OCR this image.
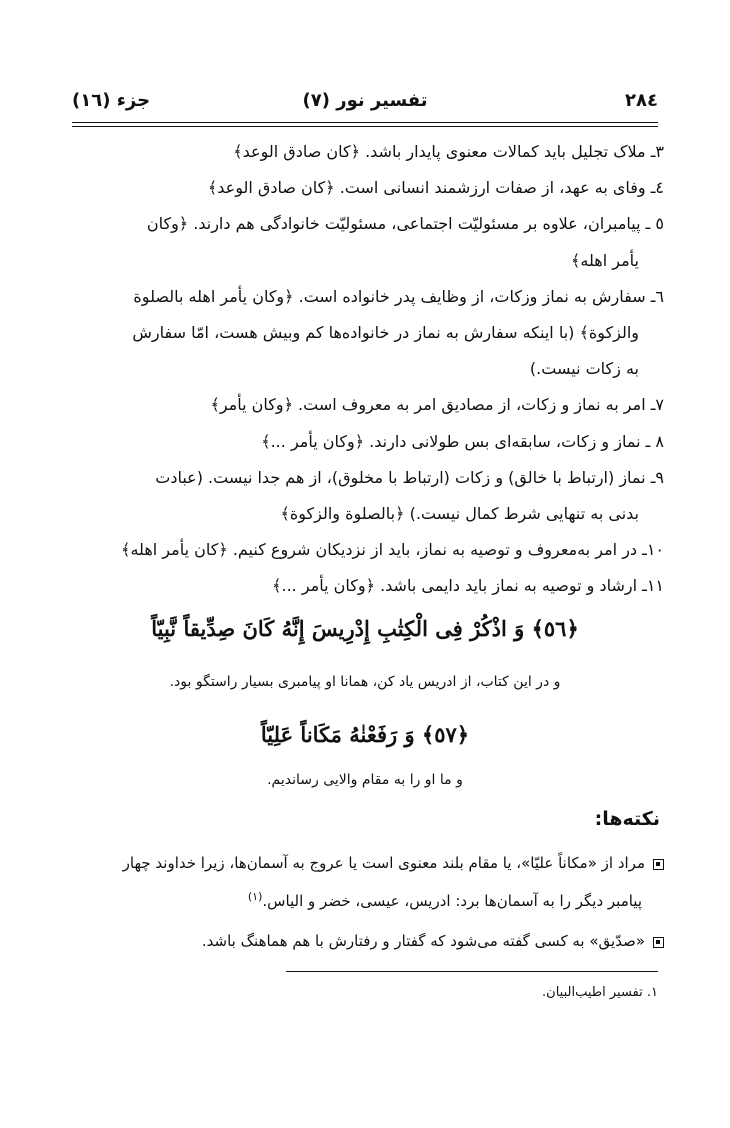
٢٨٤
تفسیر نور (۷)
جزء (١٦)

٣ـ ملاک تجلیل باید کمالات معنوی پایدار باشد. ﴿کان صادق الوعد﴾

٤ـ وفای به عهد، از صفات ارزشمند انسانی است. ﴿کان صادق الوعد﴾

٥ ـ پیامبران، علاوه بر مسئولیّت اجتماعی، مسئولیّت خانوادگی هم دارند. ﴿وکان

یأمر اهله﴾

٦ـ سفارش به نماز وزکات، از وظایف پدر خانواده است. ﴿وکان یأمر اهله بالصلوة

والزکوة﴾ (با اینکه سفارش به نماز در خانواده‌ها کم وبیش هست، امّا سفارش

به زکات نیست.)

٧ـ امر به نماز و زکات، از مصادیق امر به معروف است. ﴿وکان یأمر﴾

٨ ـ نماز و زکات، سابقه‌ای بس طولانی دارند. ﴿وکان یأمر ...﴾

٩ـ نماز (ارتباط با خالق) و زکات (ارتباط با مخلوق)، از هم جدا نیست. (عبادت

بدنی به تنهایی شرط کمال نیست.) ﴿بالصلوة والزکوة﴾

١٠ـ در امر به‌معروف و توصیه به نماز، باید از نزدیکان شروع کنیم. ﴿کان یأمر اهله﴾

١١ـ ارشاد و توصیه به نماز باید دایمی باشد. ﴿وکان یأمر ...﴾

﴿٥٦﴾ وَ اذْكُرْ فِى الْكِتٰبِ إِدْرِيسَ إِنَّهُ كَانَ صِدِّيقاً نَّبِيّاً
و در این کتاب، از ادریس یاد کن، همانا او پیامبری بسیار راستگو بود.
﴿٥٧﴾ وَ رَفَعْنٰهُ مَكَاناً عَلِيّاً
و ما او را به مقام والایی رساندیم.
نکته‌ها:

مراد از «مکاناً علیّا»، یا مقام بلند معنوی است یا عروج به آسمان‌ها، زیرا خداوند چهار

پیامبر دیگر را به آسمان‌ها برد: ادریس، عیسی، خضر و الیاس.$^{(١)}$

«صدّیق» به کسی گفته می‌شود که گفتار و رفتارش با هم هماهنگ باشد.

١. تفسیر اطیب‌البیان.
